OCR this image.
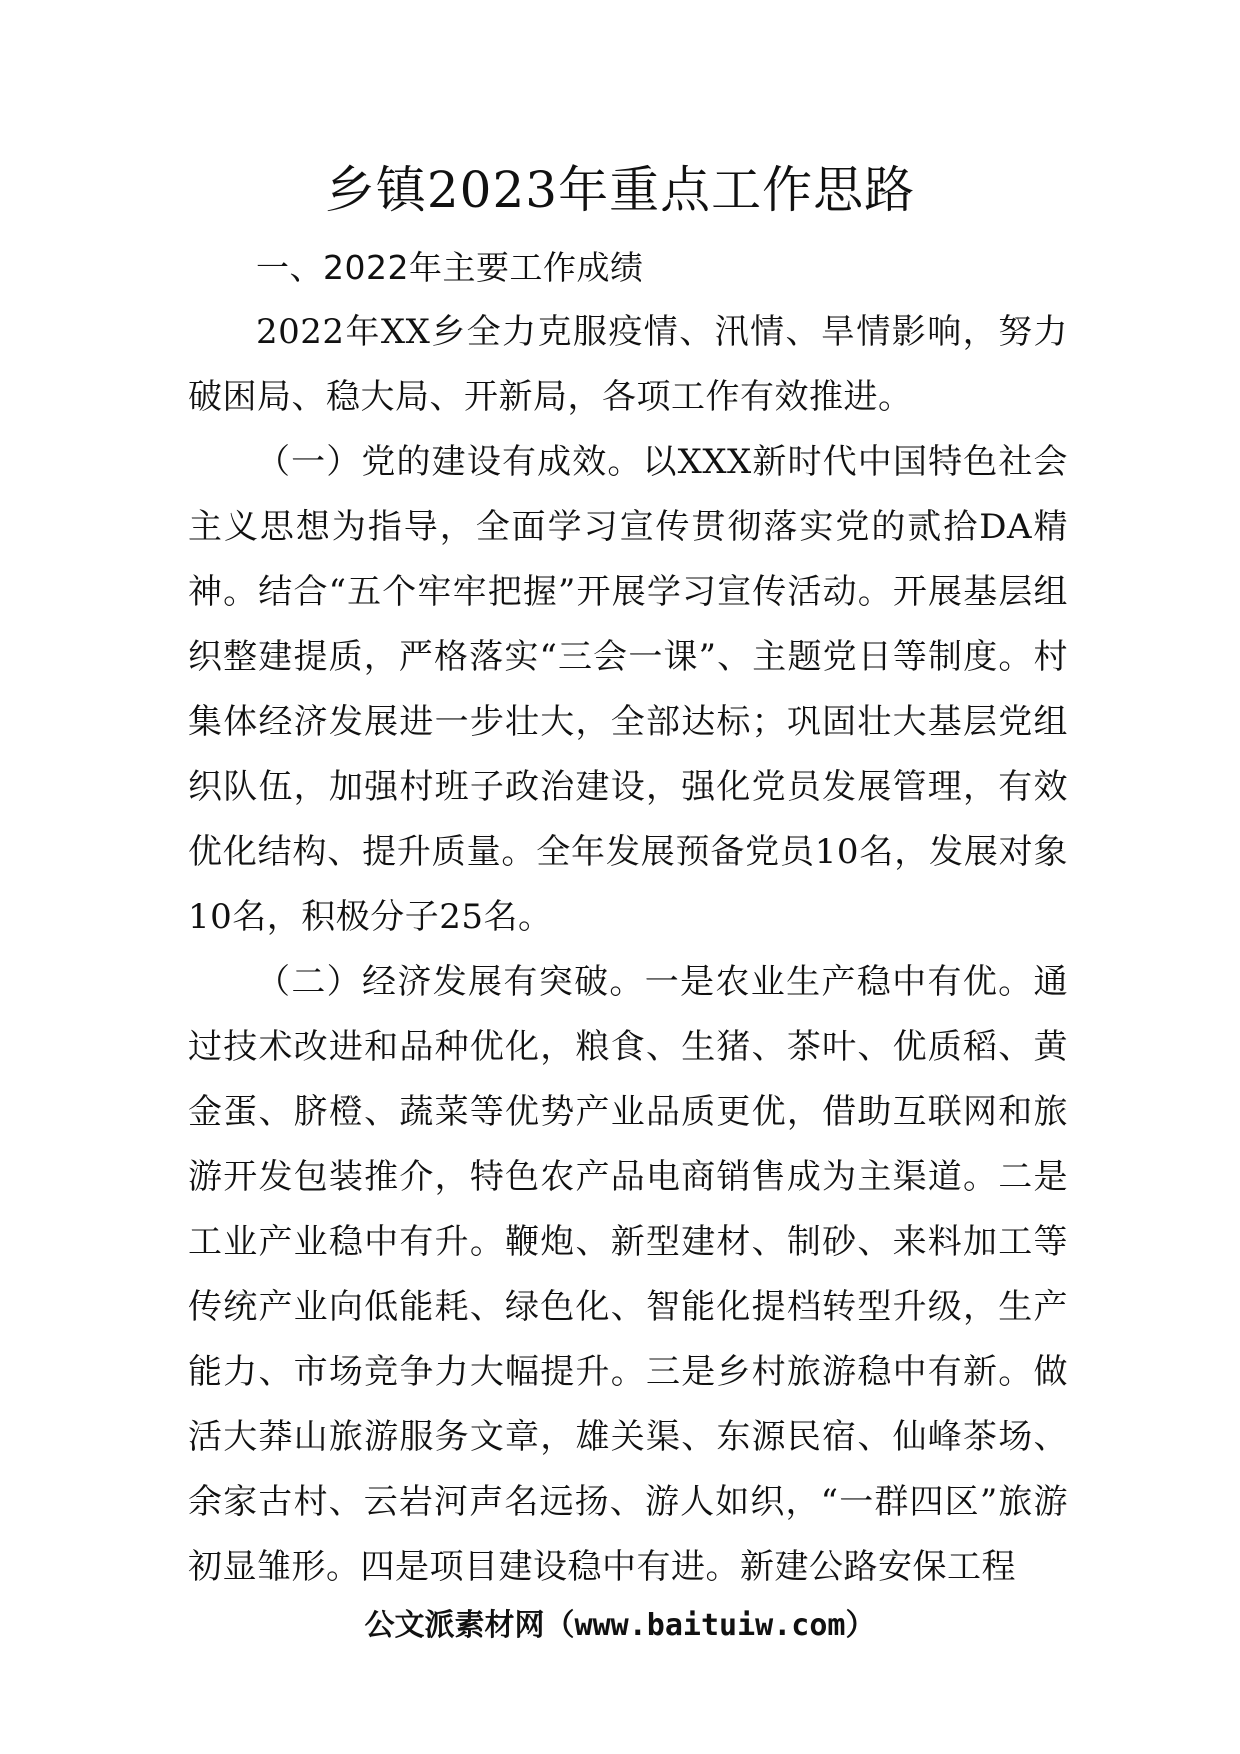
乡镇2023年重点工作思路
一、2022年主要工作成绩

2022年XX乡全力克服疫情、汛情、旱情影响，努力破困局、稳大局、开新局，各项工作有效推进。

（一）党的建设有成效。以XXX新时代中国特色社会主义思想为指导，全面学习宣传贯彻落实党的贰拾DA精神。结合“五个牢牢把握”开展学习宣传活动。开展基层组织整建提质，严格落实“三会一课”、主题党日等制度。村集体经济发展进一步壮大，全部达标；巩固壮大基层党组织队伍，加强村班子政治建设，强化党员发展管理，有效优化结构、提升质量。全年发展预备党员10名，发展对象10名，积极分子25名。

（二）经济发展有突破。一是农业生产稳中有优。通过技术改进和品种优化，粮食、生猪、茶叶、优质稻、黄金蛋、脐橙、蔬菜等优势产业品质更优，借助互联网和旅游开发包装推介，特色农产品电商销售成为主渠道。二是工业产业稳中有升。鞭炮、新型建材、制砂、来料加工等传统产业向低能耗、绿色化、智能化提档转型升级，生产能力、市场竞争力大幅提升。三是乡村旅游稳中有新。做活大莽山旅游服务文章，雄关渠、东源民宿、仙峰茶场、余家古村、云岩河声名远扬、游人如织，“一群四区”旅游初显雏形。四是项目建设稳中有进。新建公路安保工程

公文派素材网（www.baituiw.com）
